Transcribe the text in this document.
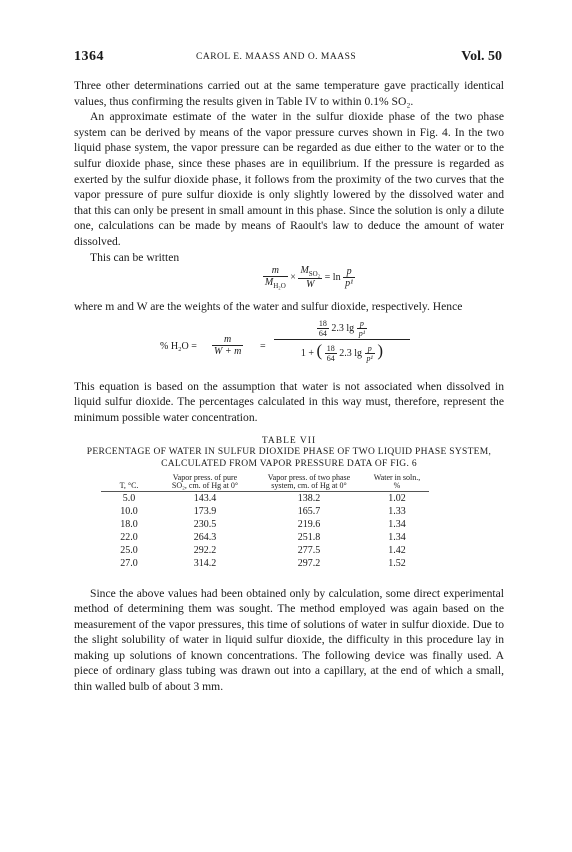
1364	CAROL E. MAASS AND O. MAASS	Vol. 50

Three other determinations carried out at the same temperature gave practically identical values, thus confirming the results given in Table IV to within 0.1% SO₂.

An approximate estimate of the water in the sulfur dioxide phase of the two phase system can be derived by means of the vapor pressure curves shown in Fig. 4. In the two liquid phase system, the vapor pressure can be regarded as due either to the water or to the sulfur dioxide phase, since these phases are in equilibrium. If the pressure is regarded as exerted by the sulfur dioxide phase, it follows from the proximity of the two curves that the vapor pressure of pure sulfur dioxide is only slightly lowered by the dissolved water and that this can only be present in small amount in this phase. Since the solution is only a dilute one, calculations can be made by means of Raoult's law to deduce the amount of water dissolved.

This can be written

$\frac{m}{M_{H_2O}} \times \frac{M_{SO_2}}{W} = \ln \frac{p}{\text{p¹}}$

where m and W are the weights of the water and sulfur dioxide, respectively. Hence

% $H_2O = \frac{m}{W + m}$ =
$\frac{18}{64} 2.3$ $\lg \frac{p}{\text{p¹}}$
1 + ( $\frac{18}{64} 2.3$ $\lg \frac{p}{\text{p¹}}$ )

This equation is based on the assumption that water is not associated when dissolved in liquid sulfur dioxide. The percentages calculated in this way must, therefore, represent the minimum possible water concentration.

TABLE VII
PERCENTAGE OF WATER IN SULFUR DIOXIDE PHASE OF TWO LIQUID PHASE SYSTEM,
CALCULATED FROM VAPOR PRESSURE DATA OF FIG. 6
T, °C.	Vapor press. of pure SO₂, cm. of Hg at 0°	Vapor press. of two phase system, cm. of Hg at 0°	Water in soln., %
5.0	143.4	138.2	1.02
10.0	173.9	165.7	1.33
18.0	230.5	219.6	1.34
22.0	264.3	251.8	1.34
25.0	292.2	277.5	1.42
27.0	314.2	297.2	1.52

Since the above values had been obtained only by calculation, some direct experimental method of determining them was sought. The method employed was again based on the measurement of the vapor pressures, this time of solutions of water in sulfur dioxide. Due to the slight solubility of water in liquid sulfur dioxide, the difficulty in this procedure lay in making up solutions of known concentrations. The following device was finally used. A piece of ordinary glass tubing was drawn out into a capillary, at the end of which a small, thin walled bulb of about 3 mm.
